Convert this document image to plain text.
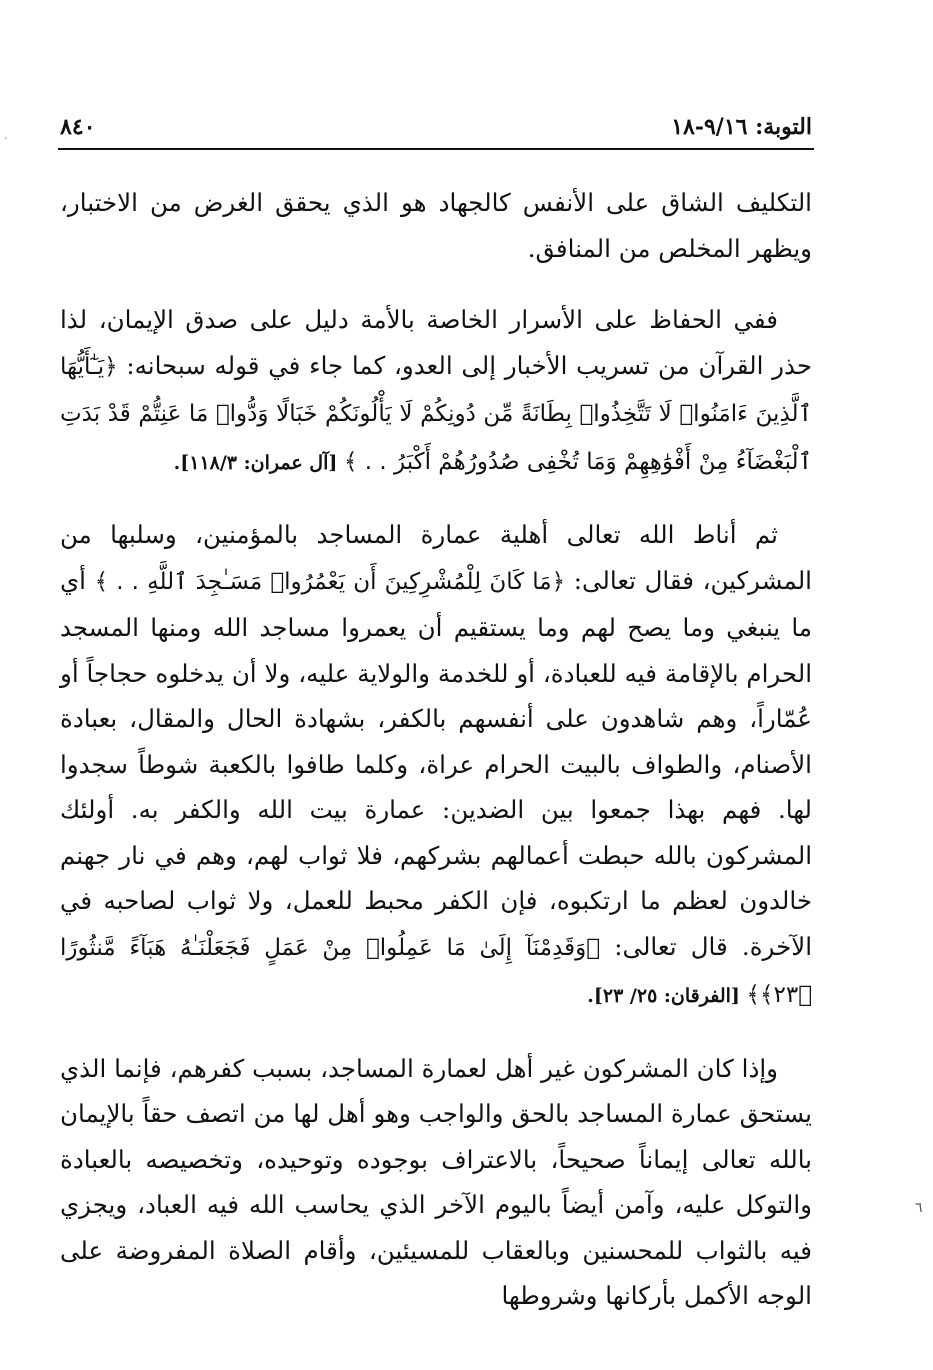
التوبة: ٩/١٦-١٨
٨٤٠
-

التكليف الشاق على الأنفس كالجهاد هو الذي يحقق الغرض من الاختبار، ويظهر المخلص من المنافق.

ففي الحفاظ على الأسرار الخاصة بالأمة دليل على صدق الإيمان، لذا حذر القرآن من تسريب الأخبار إلى العدو، كما جاء في قوله سبحانه: ﴿يَـٰٓأَيُّهَا ٱلَّذِينَ ءَامَنُوا۟ لَا تَتَّخِذُوا۟ بِطَانَةً مِّن دُونِكُمْ لَا يَأْلُونَكُمْ خَبَالًا وَدُّوا۟ مَا عَنِتُّمْ قَدْ بَدَتِ ٱلْبَغْضَآءُ مِنْ أَفْوَٰهِهِمْ وَمَا تُخْفِى صُدُورُهُمْ أَكْبَرُ . . ﴾ [آل عمران: ١١٨/٣].

ثم أناط الله تعالى أهلية عمارة المساجد بالمؤمنين، وسلبها من المشركين، فقال تعالى: ﴿مَا كَانَ لِلْمُشْرِكِينَ أَن يَعْمُرُوا۟ مَسَـٰجِدَ ٱللَّهِ . . ﴾ أي ما ينبغي وما يصح لهم وما يستقيم أن يعمروا مساجد الله ومنها المسجد الحرام بالإقامة فيه للعبادة، أو للخدمة والولاية عليه، ولا أن يدخلوه حجاجاً أو عُمّاراً، وهم شاهدون على أنفسهم بالكفر، بشهادة الحال والمقال، بعبادة الأصنام، والطواف بالبيت الحرام عراة، وكلما طافوا بالكعبة شوطاً سجدوا لها. فهم بهذا جمعوا بين الضدين: عمارة بيت الله والكفر به. أولئك المشركون بالله حبطت أعمالهم بشركهم، فلا ثواب لهم، وهم في نار جهنم خالدون لعظم ما ارتكبوه، فإن الكفر محبط للعمل، ولا ثواب لصاحبه في الآخرة. قال تعالى: ﴿وَقَدِمْنَآ إِلَىٰ مَا عَمِلُوا۟ مِنْ عَمَلٍ فَجَعَلْنَـٰهُ هَبَآءً مَّنثُورًا ﴿٢٣﴾﴾ [الفرقان: ٢٥/ ٢٣].

وإذا كان المشركون غير أهل لعمارة المساجد، بسبب كفرهم، فإنما الذي يستحق عمارة المساجد بالحق والواجب وهو أهل لها من اتصف حقاً بالإيمان بالله تعالى إيماناً صحيحاً، بالاعتراف بوجوده وتوحيده، وتخصيصه بالعبادة والتوكل عليه، وآمن أيضاً باليوم الآخر الذي يحاسب الله فيه العباد، ويجزي فيه بالثواب للمحسنين وبالعقاب للمسيئين، وأقام الصلاة المفروضة على الوجه الأكمل بأركانها وشروطها

٦
